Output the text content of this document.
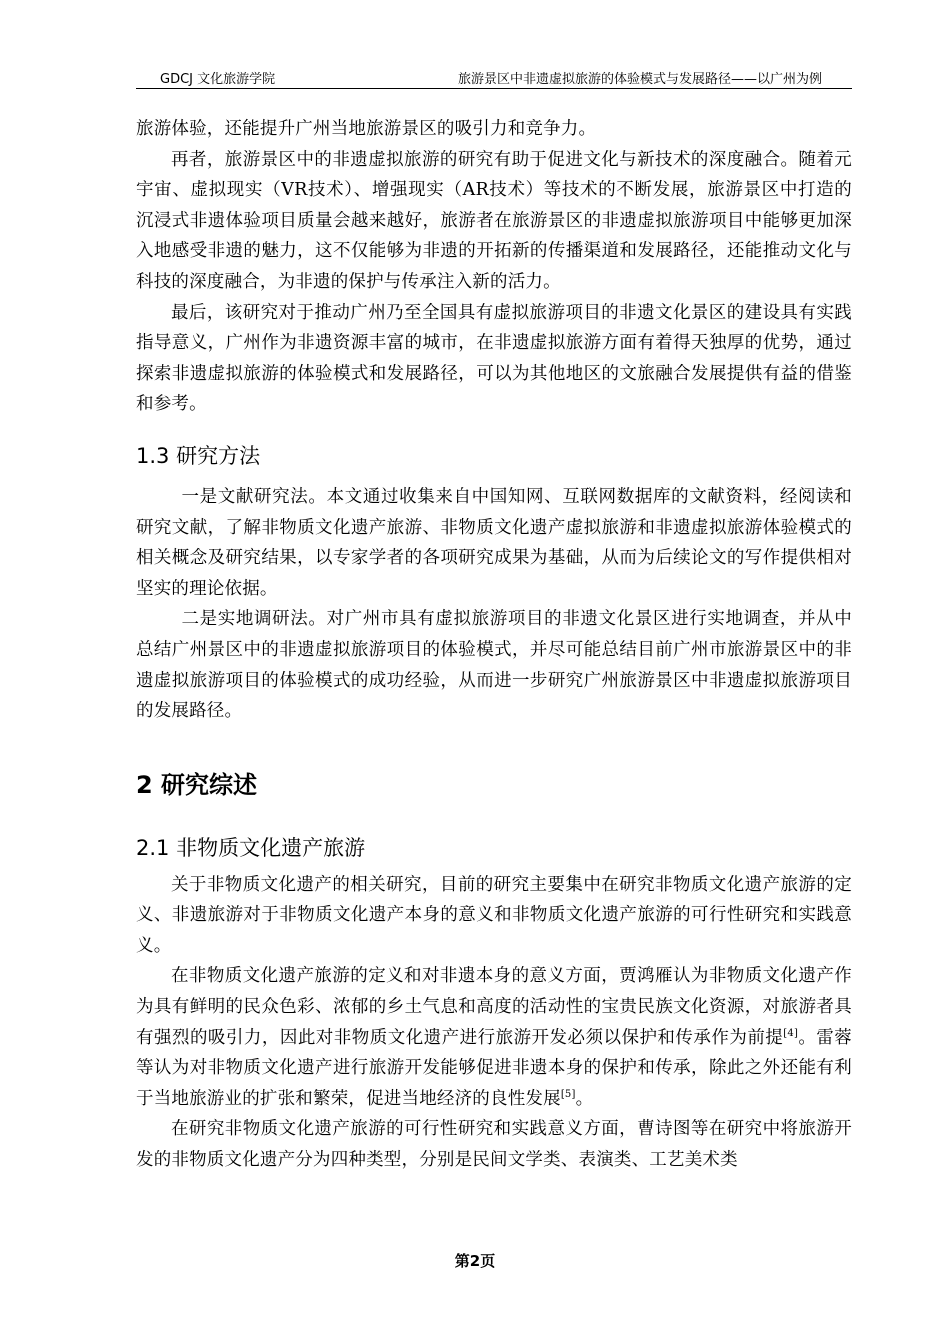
GDCJ 文化旅游学院	旅游景区中非遗虚拟旅游的体验模式与发展路径——以广州为例

旅游体验，还能提升广州当地旅游景区的吸引力和竞争力。

再者，旅游景区中的非遗虚拟旅游的研究有助于促进文化与新技术的深度融合。随着元宇宙、虚拟现实（VR技术）、增强现实（AR技术）等技术的不断发展，旅游景区中打造的沉浸式非遗体验项目质量会越来越好，旅游者在旅游景区的非遗虚拟旅游项目中能够更加深入地感受非遗的魅力，这不仅能够为非遗的开拓新的传播渠道和发展路径，还能推动文化与科技的深度融合，为非遗的保护与传承注入新的活力。

最后，该研究对于推动广州乃至全国具有虚拟旅游项目的非遗文化景区的建设具有实践指导意义，广州作为非遗资源丰富的城市，在非遗虚拟旅游方面有着得天独厚的优势，通过探索非遗虚拟旅游的体验模式和发展路径，可以为其他地区的文旅融合发展提供有益的借鉴和参考。

1.3 研究方法

一是文献研究法。本文通过收集来自中国知网、互联网数据库的文献资料，经阅读和研究文献，了解非物质文化遗产旅游、非物质文化遗产虚拟旅游和非遗虚拟旅游体验模式的相关概念及研究结果，以专家学者的各项研究成果为基础，从而为后续论文的写作提供相对坚实的理论依据。

二是实地调研法。对广州市具有虚拟旅游项目的非遗文化景区进行实地调查，并从中总结广州景区中的非遗虚拟旅游项目的体验模式，并尽可能总结目前广州市旅游景区中的非遗虚拟旅游项目的体验模式的成功经验，从而进一步研究广州旅游景区中非遗虚拟旅游项目的发展路径。

2 研究综述
2.1 非物质文化遗产旅游

关于非物质文化遗产的相关研究，目前的研究主要集中在研究非物质文化遗产旅游的定义、非遗旅游对于非物质文化遗产本身的意义和非物质文化遗产旅游的可行性研究和实践意义。

在非物质文化遗产旅游的定义和对非遗本身的意义方面，贾鸿雁认为非物质文化遗产作为具有鲜明的民众色彩、浓郁的乡土气息和高度的活动性的宝贵民族文化资源，对旅游者具有强烈的吸引力，因此对非物质文化遗产进行旅游开发必须以保护和传承作为前提[4]。雷蓉等认为对非物质文化遗产进行旅游开发能够促进非遗本身的保护和传承，除此之外还能有利于当地旅游业的扩张和繁荣，促进当地经济的良性发展[5]。

在研究非物质文化遗产旅游的可行性研究和实践意义方面，曹诗图等在研究中将旅游开发的非物质文化遗产分为四种类型，分别是民间文学类、表演类、工艺美术类

第2页
